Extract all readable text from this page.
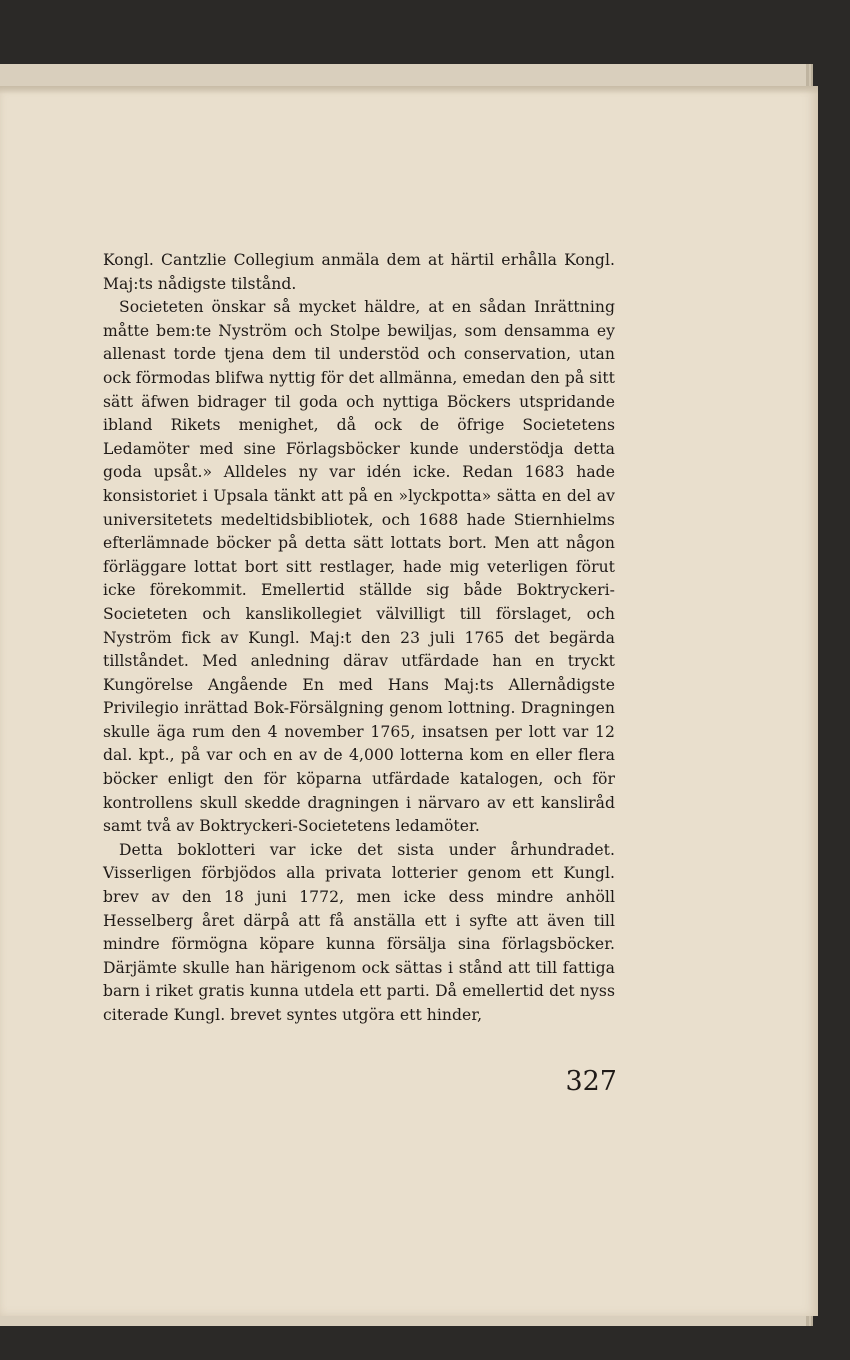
Kongl. Cantzlie Collegium anmäla dem at härtil erhålla Kongl. Maj:ts nådigste tilstånd.

Societeten önskar så mycket häldre, at en sådan Inrättning måtte bem:te Nyström och Stolpe bewiljas, som densamma ey allenast torde tjena dem til understöd och conservation, utan ock förmodas blifwa nyttig för det allmänna, emedan den på sitt sätt äfwen bidrager til goda och nyttiga Böckers utspridande ibland Rikets menighet, då ock de öfrige Societetens Ledamöter med sine Förlagsböcker kunde understödja detta goda upsåt.» Alldeles ny var idén icke. Redan 1683 hade konsistoriet i Upsala tänkt att på en »lyckpotta» sätta en del av universitetets medeltidsbibliotek, och 1688 hade Stiernhielms efterlämnade böcker på detta sätt lottats bort. Men att någon förläggare lottat bort sitt restlager, hade mig veterligen förut icke förekommit. Emellertid ställde sig både Boktryckeri-Societeten och kanslikollegiet välvilligt till förslaget, och Nyström fick av Kungl. Maj:t den 23 juli 1765 det begärda tillståndet. Med anledning därav utfärdade han en tryckt Kungörelse Angående En med Hans Maj:ts Allernådigste Privilegio inrättad Bok-Försälgning genom lottning. Dragningen skulle äga rum den 4 november 1765, insatsen per lott var 12 dal. kpt., på var och en av de 4,000 lotterna kom en eller flera böcker enligt den för köparna utfärdade katalogen, och för kontrollens skull skedde dragningen i närvaro av ett kansliråd samt två av Boktryckeri-Societetens ledamöter.

Detta boklotteri var icke det sista under århundradet. Visserligen förbjödos alla privata lotterier genom ett Kungl. brev av den 18 juni 1772, men icke dess mindre anhöll Hesselberg året därpå att få anställa ett i syfte att även till mindre förmögna köpare kunna försälja sina förlagsböcker. Därjämte skulle han härigenom ock sättas i stånd att till fattiga barn i riket gratis kunna utdela ett parti. Då emellertid det nyss citerade Kungl. brevet syntes utgöra ett hinder,

327
